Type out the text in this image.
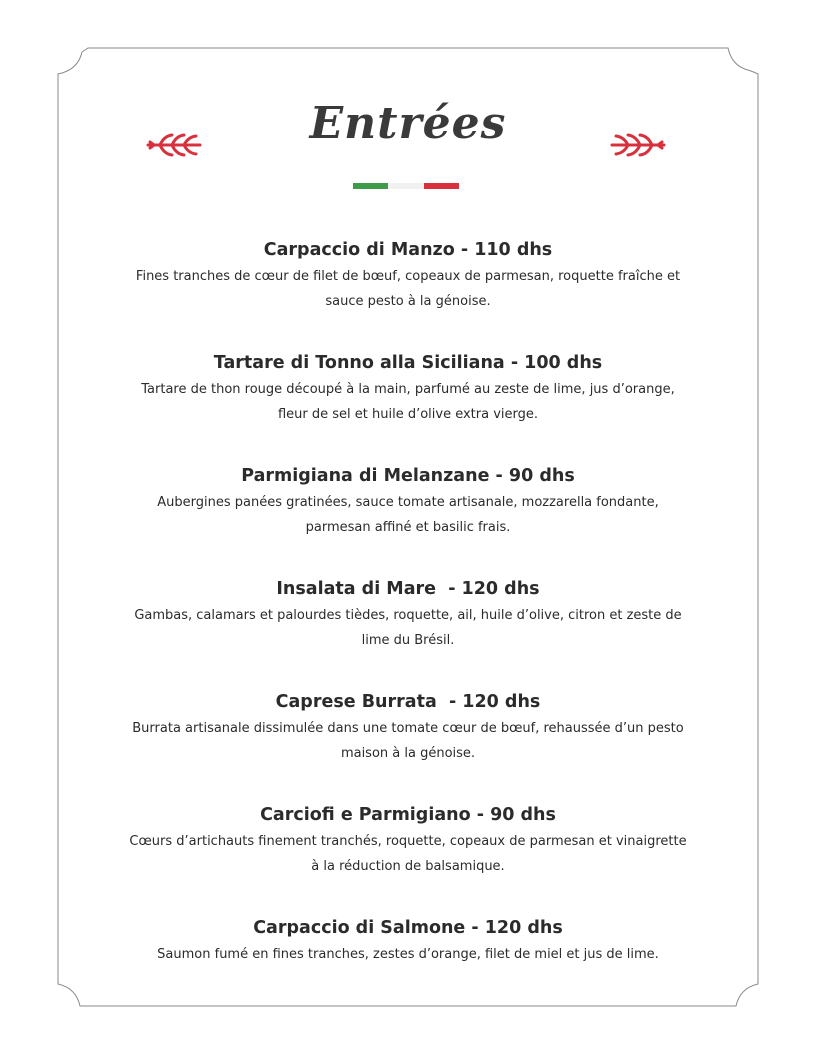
Entrées
Carpaccio di Manzo - 110 dhs
Fines tranches de cœur de filet de bœuf, copeaux de parmesan, roquette fraîche et sauce pesto à la génoise.
Tartare di Tonno alla Siciliana - 100 dhs
Tartare de thon rouge découpé à la main, parfumé au zeste de lime, jus d’orange, fleur de sel et huile d’olive extra vierge.
Parmigiana di Melanzane - 90 dhs
Aubergines panées gratinées, sauce tomate artisanale, mozzarella fondante, parmesan affiné et basilic frais.
Insalata di Mare  - 120 dhs
Gambas, calamars et palourdes tièdes, roquette, ail, huile d’olive, citron et zeste de lime du Brésil.
Caprese Burrata  - 120 dhs
Burrata artisanale dissimulée dans une tomate cœur de bœuf, rehaussée d’un pesto maison à la génoise.
Carciofi e Parmigiano - 90 dhs
Cœurs d’artichauts finement tranchés, roquette, copeaux de parmesan et vinaigrette à la réduction de balsamique.
Carpaccio di Salmone - 120 dhs
Saumon fumé en fines tranches, zestes d’orange, filet de miel et jus de lime.
